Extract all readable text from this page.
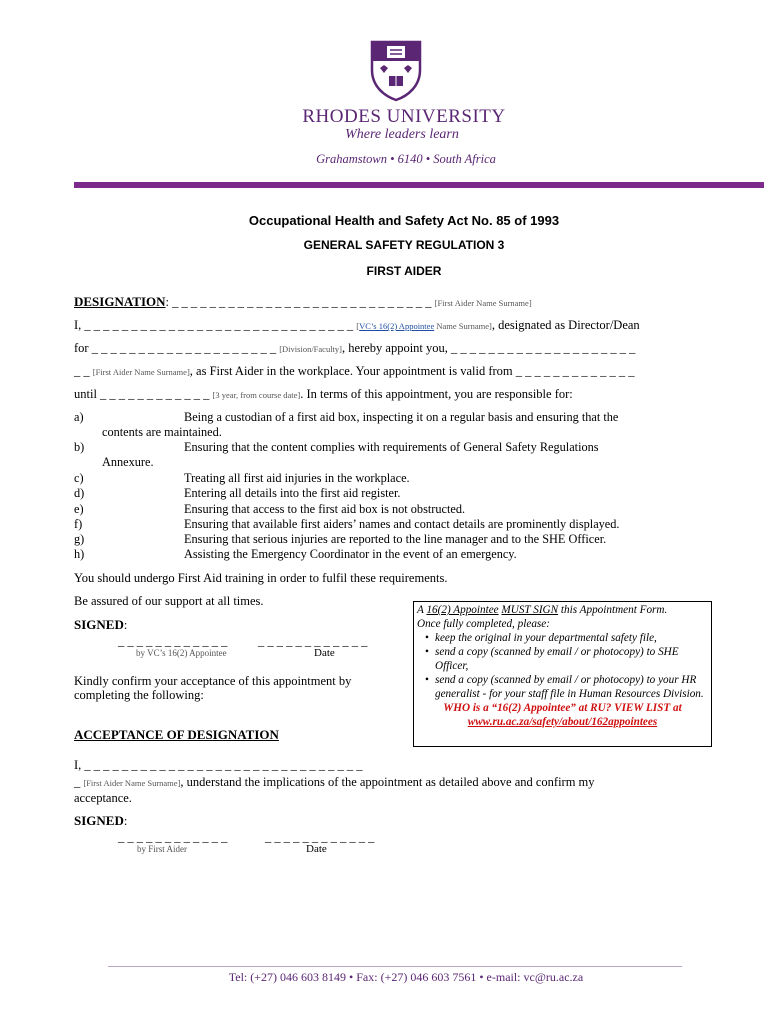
RHODES UNIVERSITY
Where leaders learn
Grahamstown • 6140 • South Africa
Occupational Health and Safety Act No. 85 of 1993
GENERAL SAFETY REGULATION 3
FIRST AIDER
DESIGNATION: _ _ _ _ _ _ _ _ _ _ _ _ _ _ _ _ _ _ _ _ _ _ _ _ _ _ _ _ [First Aider Name Surname]
I, _ _ _ _ _ _ _ _ _ _ _ _ _ _ _ _ _ _ _ _ _ _ _ _ _ _ _ _ _ [VC’s 16(2) Appointee Name Surname], designated as Director/Dean
for _ _ _ _ _ _ _ _ _ _ _ _ _ _ _ _ _ _ _ _ [Division/Faculty], hereby appoint you, _ _ _ _ _ _ _ _ _ _ _ _ _ _ _ _ _ _ _ _
_ _ [First Aider Name Surname], as First Aider in the workplace. Your appointment is valid from _ _ _ _ _ _ _ _ _ _ _ _ _
until _ _ _ _ _ _ _ _ _ _ _ _ [3 year, from course date]. In terms of this appointment, you are responsible for:
a)	Being a custodian of a first aid box, inspecting it on a regular basis and ensuring that the
contents are maintained.
b)	Ensuring that the content complies with requirements of General Safety Regulations
Annexure.
c)	Treating all first aid injuries in the workplace.
d)	Entering all details into the first aid register.
e)	Ensuring that access to the first aid box is not obstructed.
f)	Ensuring that available first aiders’ names and contact details are prominently displayed.
g)	Ensuring that serious injuries are reported to the line manager and to the SHE Officer.
h)	Assisting the Emergency Coordinator in the event of an emergency.
You should undergo First Aid training in order to fulfil these requirements.
Be assured of our support at all times.
SIGNED:
_ _ _ _ _ _ _ _ _ _ _ _ _ _ _ _ _ _ _ _ _ _ _ _
by VC’s 16(2) Appointee	Date
Kindly confirm your acceptance of this appointment by
completing the following:
A 16(2) Appointee MUST SIGN this Appointment Form.
Once fully completed, please:
• keep the original in your departmental safety file,
• send a copy (scanned by email / or photocopy) to SHE Officer,
• send a copy (scanned by email / or photocopy) to your HR generalist - for your staff file in Human Resources Division.
WHO is a “16(2) Appointee” at RU? VIEW LIST at
www.ru.ac.za/safety/about/162appointees
ACCEPTANCE OF DESIGNATION
I, _ _ _ _ _ _ _ _ _ _ _ _ _ _ _ _ _ _ _ _ _ _ _ _ _ _ _ _ _ _
_ [First Aider Name Surname], understand the implications of the appointment as detailed above and confirm my
acceptance.
SIGNED:
_ _ _ _ _ _ _ _ _ _ _ _	_ _ _ _ _ _ _ _ _ _ _ _
by First Aider	Date
Tel: (+27) 046 603 8149 • Fax: (+27) 046 603 7561 • e-mail: vc@ru.ac.za
